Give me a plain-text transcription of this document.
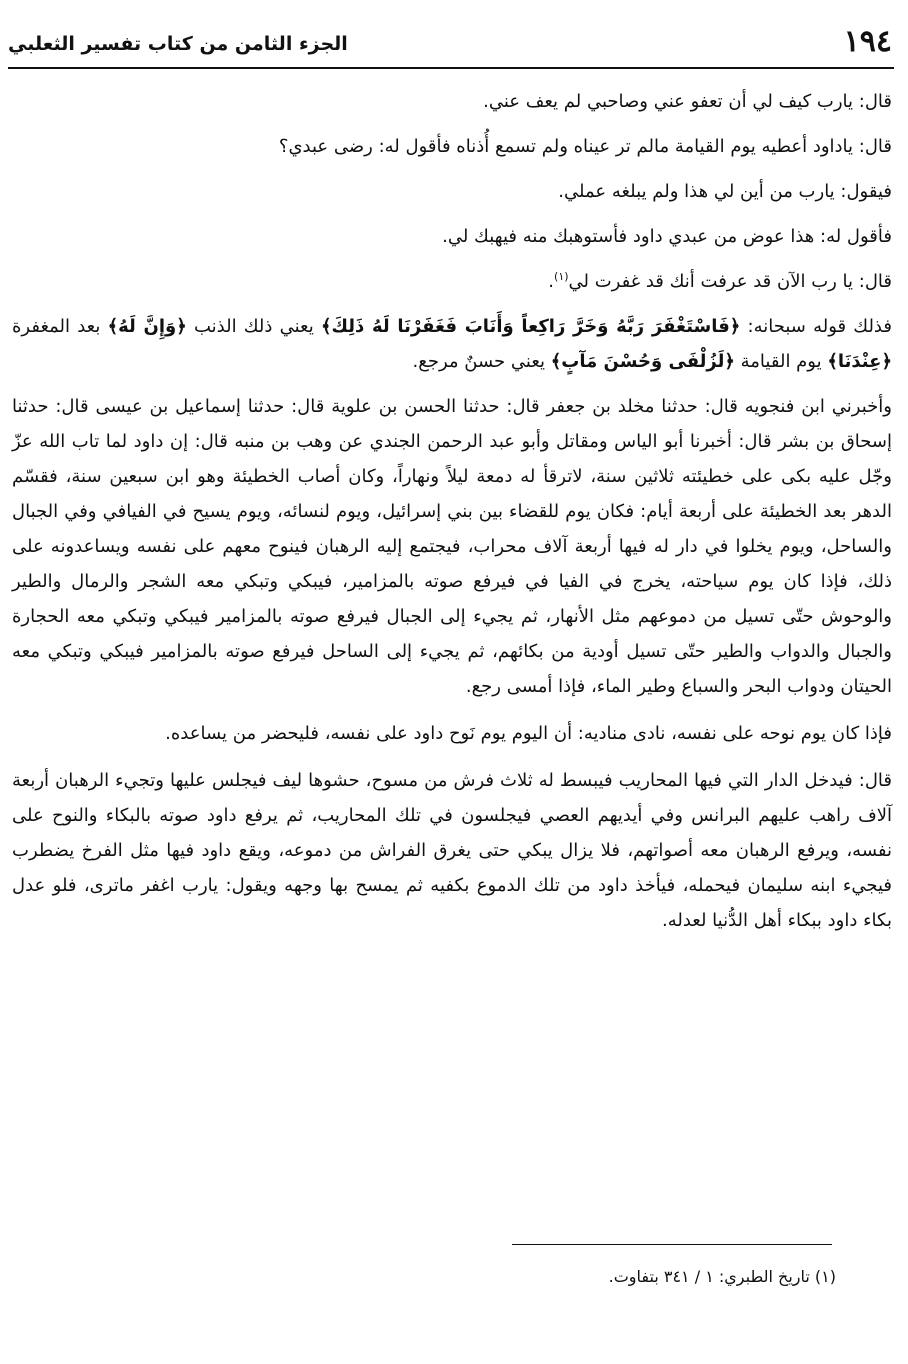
١٩٤
الجزء الثامن من كتاب تفسير الثعلبي

قال: يارب كيف لي أن تعفو عني وصاحبي لم يعف عني.

قال: ياداود أعطيه يوم القيامة مالم تر عيناه ولم تسمع أُذناه فأقول له: رضى عبدي؟

فيقول: يارب من أين لي هذا ولم يبلغه عملي.

فأقول له: هذا عوض من عبدي داود فأستوهبك منه فيهبك لي.

قال: يا رب الآن قد عرفت أنك قد غفرت لي$^{(١)}$.

فذلك قوله سبحانه: ﴿فَاسْتَغْفَرَ رَبَّهُ وَخَرَّ رَاكِعاً وَأَنَابَ فَغَفَرْنَا لَهُ ذَلِكَ﴾ يعني ذلك الذنب ﴿وَإِنَّ لَهُ﴾ بعد المغفرة ﴿عِنْدَنَا﴾ يوم القيامة ﴿لَزُلْفَى وَحُسْنَ مَآبٍ﴾ يعني حسنٌ مرجع.

وأخبرني ابن فنجويه قال: حدثنا مخلد بن جعفر قال: حدثنا الحسن بن علوية قال: حدثنا إسماعيل بن عيسى قال: حدثنا إسحاق بن بشر قال: أخبرنا أبو الياس ومقاتل وأبو عبد الرحمن الجندي عن وهب بن منبه قال: إن داود لما تاب الله عزّ وجّل عليه بكى على خطيئته ثلاثين سنة، لاترقأ له دمعة ليلاً ونهاراً، وكان أصاب الخطيئة وهو ابن سبعين سنة، فقسّم الدهر بعد الخطيئة على أربعة أيام: فكان يوم للقضاء بين بني إسرائيل، ويوم لنسائه، ويوم يسيح في الفيافي وفي الجبال والساحل، ويوم يخلوا في دار له فيها أربعة آلاف محراب، فيجتمع إليه الرهبان فينوح معهم على نفسه ويساعدونه على ذلك، فإذا كان يوم سياحته، يخرج في الفيا في فيرفع صوته بالمزامير، فيبكي وتبكي معه الشجر والرمال والطير والوحوش حتّى تسيل من دموعهم مثل الأنهار، ثم يجيء إلى الجبال فيرفع صوته بالمزامير فيبكي وتبكي معه الحجارة والجبال والدواب والطير حتّى تسيل أودية من بكائهم، ثم يجيء إلى الساحل فيرفع صوته بالمزامير فيبكي وتبكي معه الحيتان ودواب البحر والسباع وطير الماء، فإذا أمسى رجع.

فإذا كان يوم نوحه على نفسه، نادى مناديه: أن اليوم يوم نَوح داود على نفسه، فليحضر من يساعده.

قال: فيدخل الدار التي فيها المحاريب فيبسط له ثلاث فرش من مسوح، حشوها ليف فيجلس عليها وتجيء الرهبان أربعة آلاف راهب عليهم البرانس وفي أيديهم العصي فيجلسون في تلك المحاريب، ثم يرفع داود صوته بالبكاء والنوح على نفسه، ويرفع الرهبان معه أصواتهم، فلا يزال يبكي حتى يغرق الفراش من دموعه، ويقع داود فيها مثل الفرخ يضطرب فيجيء ابنه سليمان فيحمله، فيأخذ داود من تلك الدموع بكفيه ثم يمسح بها وجهه ويقول: يارب اغفر ماترى، فلو عدل بكاء داود ببكاء أهل الدُّنيا لعدله.

(١) تاريخ الطبري: ١ / ٣٤١ بتفاوت.
